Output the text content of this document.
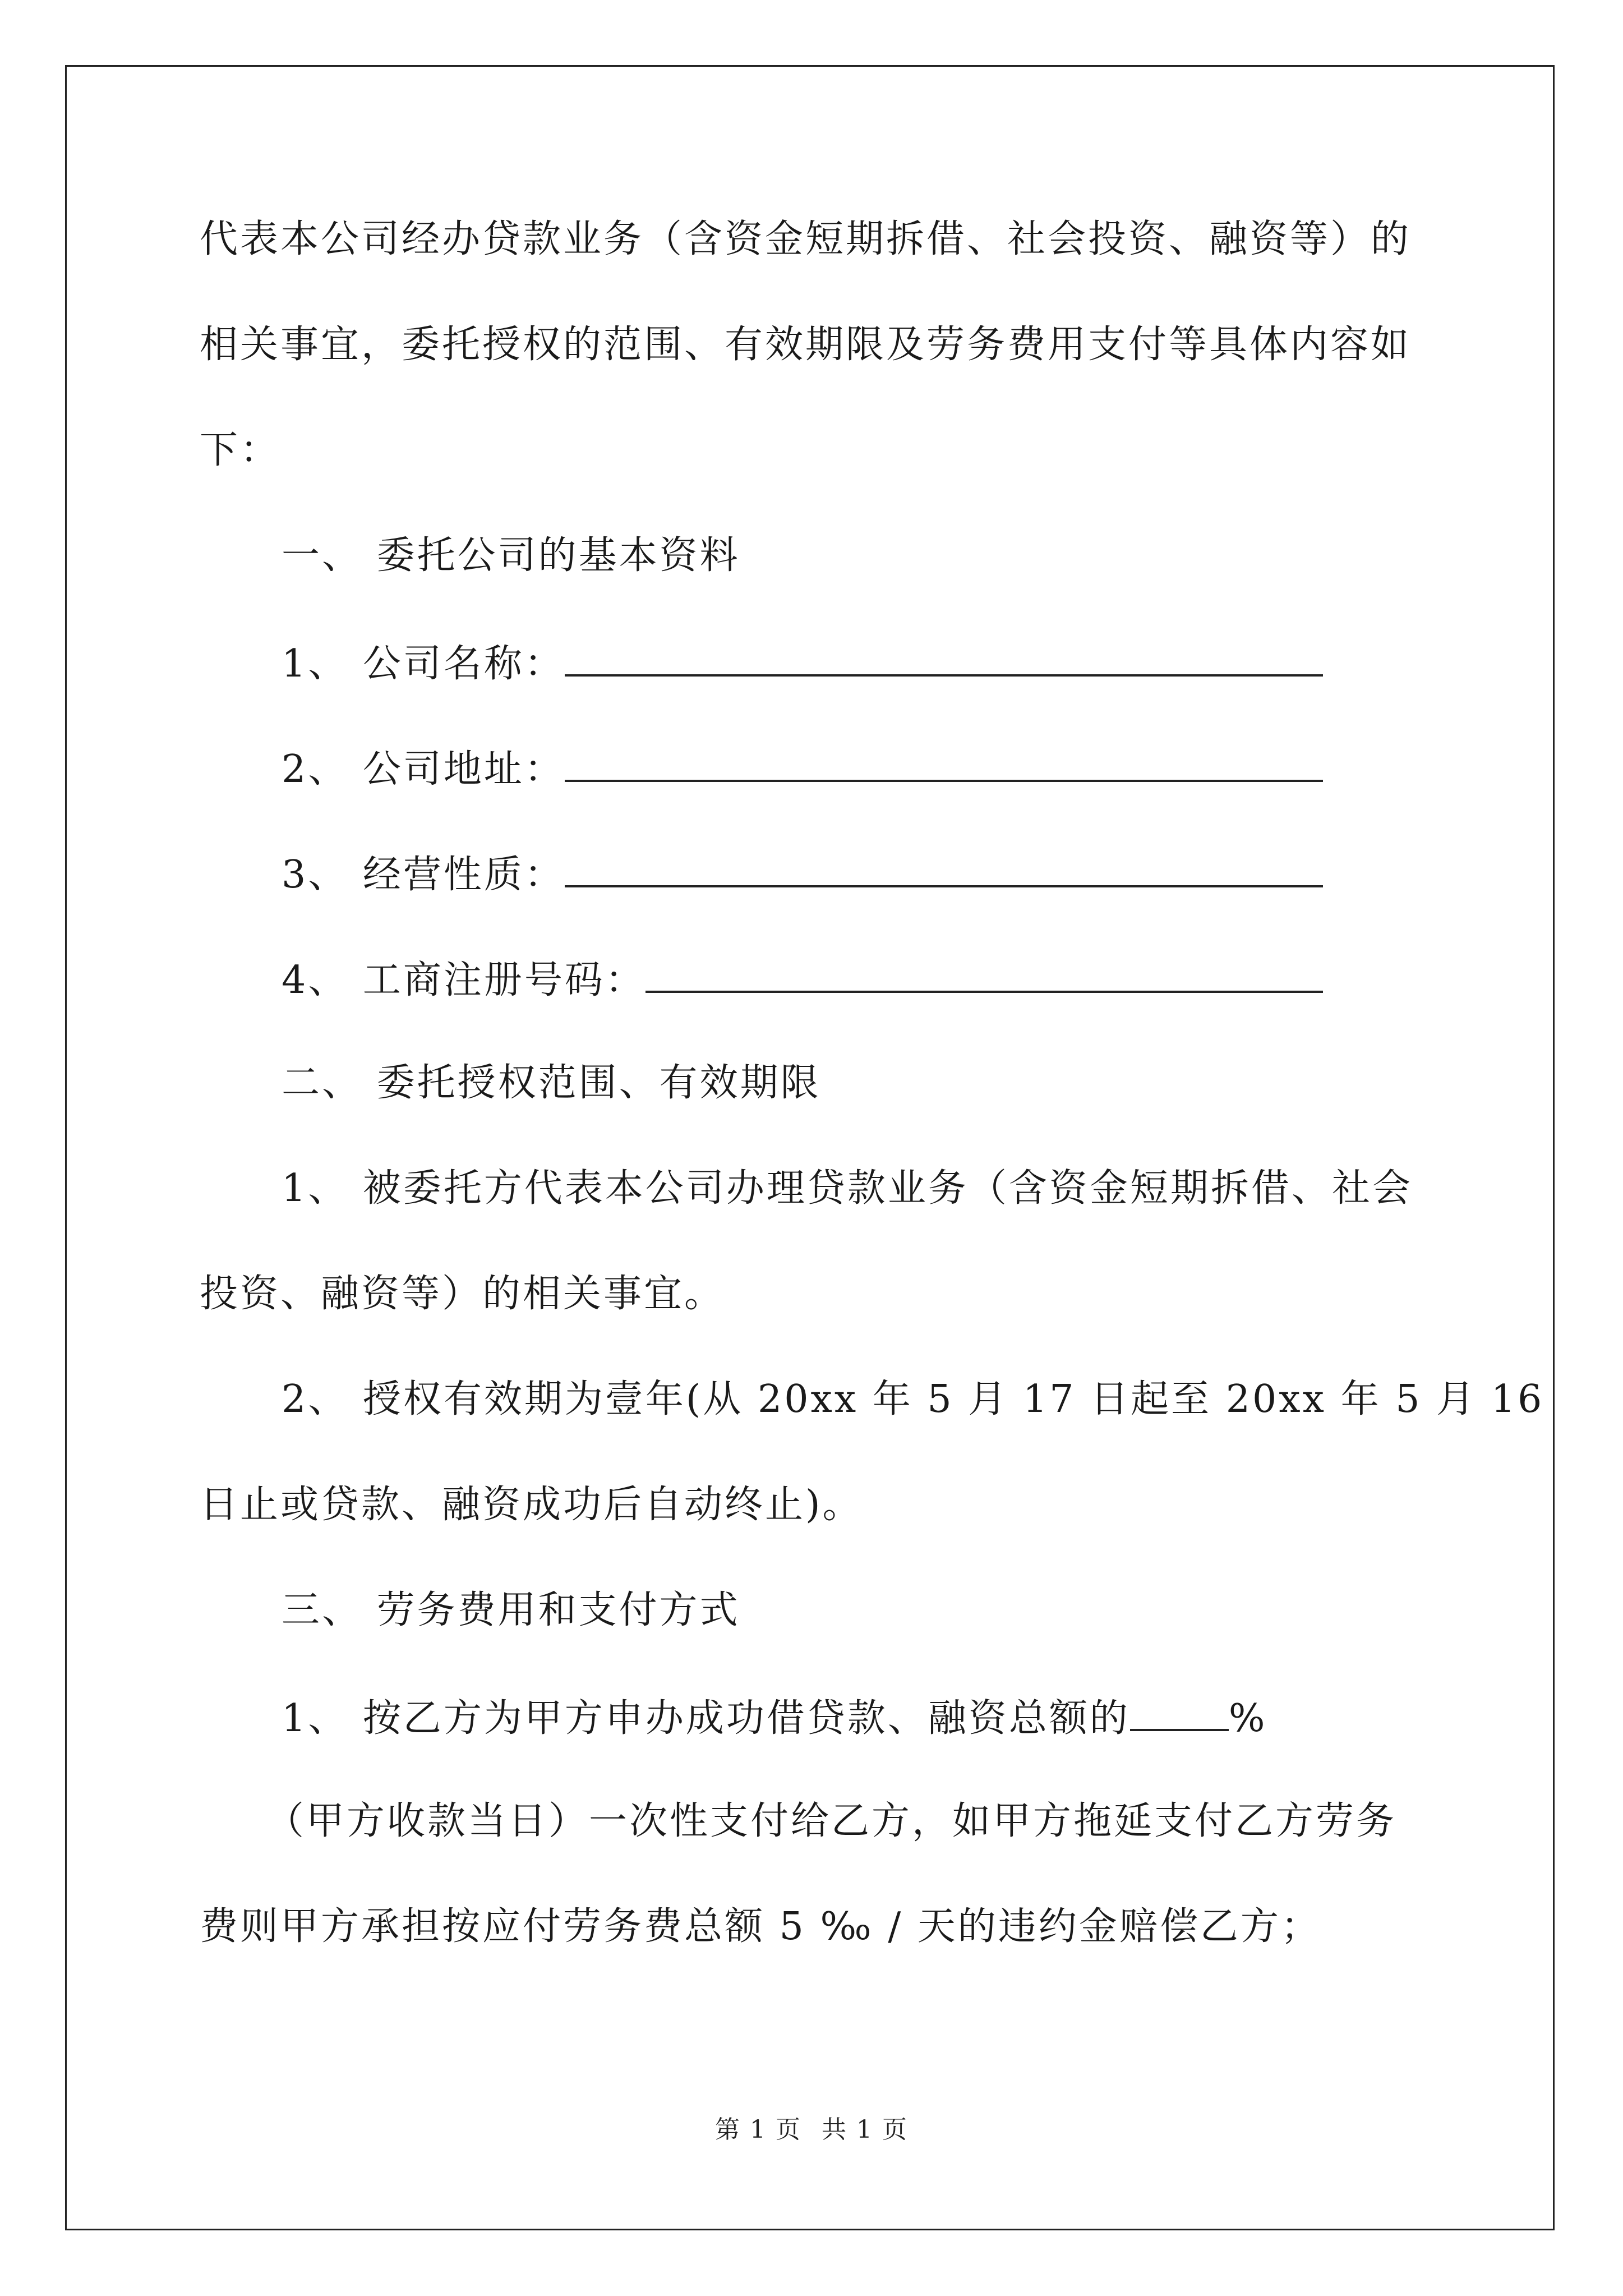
代表本公司经办贷款业务（含资金短期拆借、社会投资、融资等）的
相关事宜，委托授权的范围、有效期限及劳务费用支付等具体内容如
下：
一、 委托公司的基本资料
1、 公司名称：
2、 公司地址：
3、 经营性质：
4、 工商注册号码：
二、 委托授权范围、有效期限
1、 被委托方代表本公司办理贷款业务（含资金短期拆借、社会
投资、融资等）的相关事宜。
2、 授权有效期为壹年(从 20xx 年 5 月 17 日起至 20xx 年 5 月 16
日止或贷款、融资成功后自动终止)。
三、 劳务费用和支付方式
1、 按乙方为甲方申办成功借贷款、融资总额的	%
（甲方收款当日）一次性支付给乙方，如甲方拖延支付乙方劳务
费则甲方承担按应付劳务费总额 5 ‰ / 天的违约金赔偿乙方；
第 1 页 共 1 页
